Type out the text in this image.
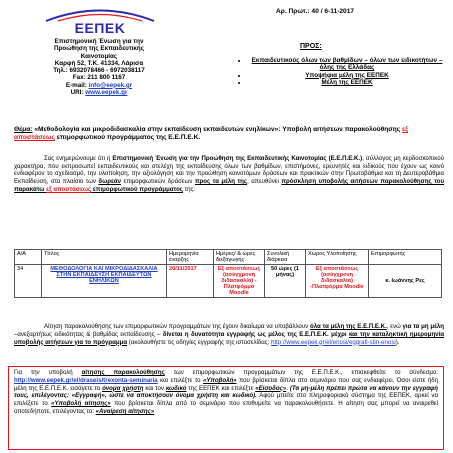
ΕΕΠΕΚ
Επιστημονική Ένωση για την
Προώθηση της Εκπαιδευτικής
Καινοτομίας
Καρφή 52, Τ.Κ. 41334, Λάρισα
Τηλ.: 6932078466 - 6972038117
Fax: 211 800 1167
E-mail: info@eepek.gr
URI: www.eepek.gr
Αρ. Πρωτ.: 40 / 6-11-2017
ΠΡΟΣ:
• Εκπαιδευτικούς όλων των βαθμίδων – όλων των ειδικοτήτων – όλης της Ελλάδας
• Υποψήφια μέλη της ΕΕΠΕΚ
• Μέλη της ΕΕΠΕΚ
Θέμα: «Μεθοδολογία και μικροδιδασκαλία στην εκπαίδευση εκπαιδευτών ενηλίκων»: Υποβολή αιτήσεων παρακολούθησης εξ αποστάσεως επιμορφωτικού προγράμματος της Ε.Ε.Π.Ε.Κ.
Σας ενημερώνουμε ότι η Επιστημονική Ένωση για την Προώθηση της Εκπαιδευτικής Καινοτομίας (Ε.Ε.Π.Ε.Κ.), σύλλογος μη κερδοσκοπικού χαρακτήρα, που εκπροσωπεί εκπαιδευτικούς και στελέχη της εκπαίδευσης όλων των βαθμίδων, επιστήμονες, ερευνητές και ειδικούς που έχουν ως κοινό ενδιαφέρον το σχεδιασμό, την υλοποίηση, την αξιολόγηση και την προώθηση καινοτόμων δράσεων και πρακτικών στην Πρωτοβάθμια και τη Δευτεροβάθμια Εκπαίδευση, στο πλαίσιο των δωρεάν επιμορφωτικών δράσεων προς τα μέλη της, απευθύνει πρόσκληση υποβολής αιτήσεων παρακολούθησης του παρακάτω εξ αποστάσεως επιμορφωτικού προγράμματος της:
Α/Α	Τίτλος	Ημερομηνία έναρξης	Ημέρες/ & ώρες διεξαγωγής	Συνολική διάρκεια	Χώρος Υλοποίησης	Επιμορφωτής
34	ΜΕΘΟΔΟΛΟΓΙΑ ΚΑΙ ΜΙΚΡΟΔΙΔΑΣΚΑΛΙΑ ΣΤΗΝ ΕΚΠΑΙΔΕΥΣΗ ΕΚΠΑΙΔΕΥΤΩΝ ΕΝΗΛΙΚΩΝ	20/11/2017	Εξ αποστάσεως (ασύγχρονη διδασκαλία) - Πλατφόρμα Moodle	50 ώρες (1 μήνας)	Εξ αποστάσεως (ασύγχρονη διδασκαλία) -Πλατφόρμα Moodle	κ. Ιωάννης Ρες
Αίτηση παρακολούθησης των επιμορφωτικών προγραμμάτων της έχουν δικαίωμα να υποβάλλουν όλα τα μέλη της Ε.Ε.Π.Ε.Κ., ενώ για τα μη μέλη –ανεξαρτήτως ειδικότητας & βαθμίδας εκπαίδευσης – δίνεται η δυνατότητα εγγραφής ως μέλος της Ε.Ε.Π.Ε.Κ. μέχρι και την καταληκτική ημερομηνία υποβολής αιτήσεων για το πρόγραμμα (ακολουθήστε τις οδηγίες εγγραφής της ιστοσελίδας: http://www.eepek.gr/el/enosi/eggrafi-stin-enosi).
Για την υποβολή αίτησης παρακολούθησης των επιμορφωτικών προγραμμάτων της Ε.Ε.Π.Ε.Κ., επισκεφθείτε το σύνδεσμο: http://www.eepek.gr/el/draseis/trexonta-seminaria και επιλέξτε το «Υποβολή» που βρίσκεται δίπλα στο σεμινάριο που σας ενδιαφέρει. Όσοι είστε ήδη μέλη της Ε.Ε.Π.Ε.Κ. εισάγετε το όνομα χρήστη και τον κωδικό της ΕΕΠΕΚ και επιλέξτε «Είσοδος». (Τα μη-μέλη πρέπει πρώτα να κάνουν την εγγραφή τους, επιλέγοντας: «Εγγραφή», ώστε να αποκτήσουν όνομα χρήστη και κωδικό). Αφού μπείτε στο πληροφοριακό σύστημα της ΕΕΠΕΚ, αρκεί να επιλέξετε το «Υποβολή αίτησης» που βρίσκεται δίπλα από το σεμινάριο που επιθυμείτε να παρακολουθήσετε. Η αίτηση σας μπορεί να αναιρεθεί οποτεδήποτε, επιλέγοντας το: «Αναίρεση αίτησης»
